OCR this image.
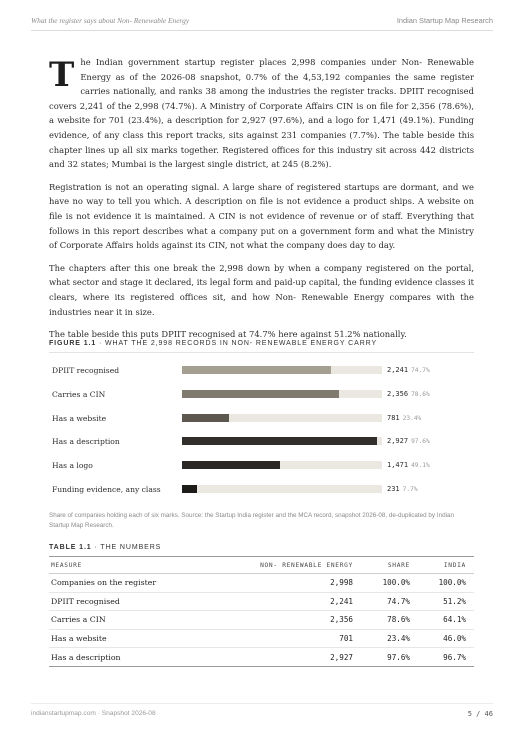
What the register says about Non- Renewable Energy	Indian Startup Map Research

T he Indian government startup register places 2,998 companies under Non- Renewable Energy as of the 2026-08 snapshot, 0.7% of the 4,53,192 companies the same register carries nationally, and ranks 38 among the industries the register tracks. DPIIT recognised covers 2,241 of the 2,998 (74.7%). A Ministry of Corporate Affairs CIN is on file for 2,356 (78.6%), a website for 701 (23.4%), a description for 2,927 (97.6%), and a logo for 1,471 (49.1%). Funding evidence, of any class this report tracks, sits against 231 companies (7.7%). The table beside this chapter lines up all six marks together. Registered offices for this industry sit across 442 districts and 32 states; Mumbai is the largest single district, at 245 (8.2%).

Registration is not an operating signal. A large share of registered startups are dormant, and we have no way to tell you which. A description on file is not evidence a product ships. A website on file is not evidence it is maintained. A CIN is not evidence of revenue or of staff. Everything that follows in this report describes what a company put on a government form and what the Ministry of Corporate Affairs holds against its CIN, not what the company does day to day.

The chapters after this one break the 2,998 down by when a company registered on the portal, what sector and stage it declared, its legal form and paid-up capital, the funding evidence classes it clears, where its registered offices sit, and how Non- Renewable Energy compares with the industries near it in size.

The table beside this puts DPIIT recognised at 74.7% here against 51.2% nationally.

FIGURE 1.1 · WHAT THE 2,998 RECORDS IN NON- RENEWABLE ENERGY CARRY
DPIIT recognised	2,241 74.7%
Carries a CIN	2,356 78.6%
Has a website	781 23.4%
Has a description	2,927 97.6%
Has a logo	1,471 49.1%
Funding evidence, any class	231 7.7%
Share of companies holding each of six marks. Source: the Startup India register and the MCA record, snapshot 2026-08, de-duplicated by Indian Startup Map Research.
TABLE 1.1 · THE NUMBERS
MEASURE	NON- RENEWABLE ENERGY	SHARE	INDIA
Companies on the register	2,998	100.0%	100.0%
DPIIT recognised	2,241	74.7%	51.2%
Carries a CIN	2,356	78.6%	64.1%
Has a website	701	23.4%	46.0%
Has a description	2,927	97.6%	96.7%
indianstartupmap.com · Snapshot 2026-08	5 / 46
